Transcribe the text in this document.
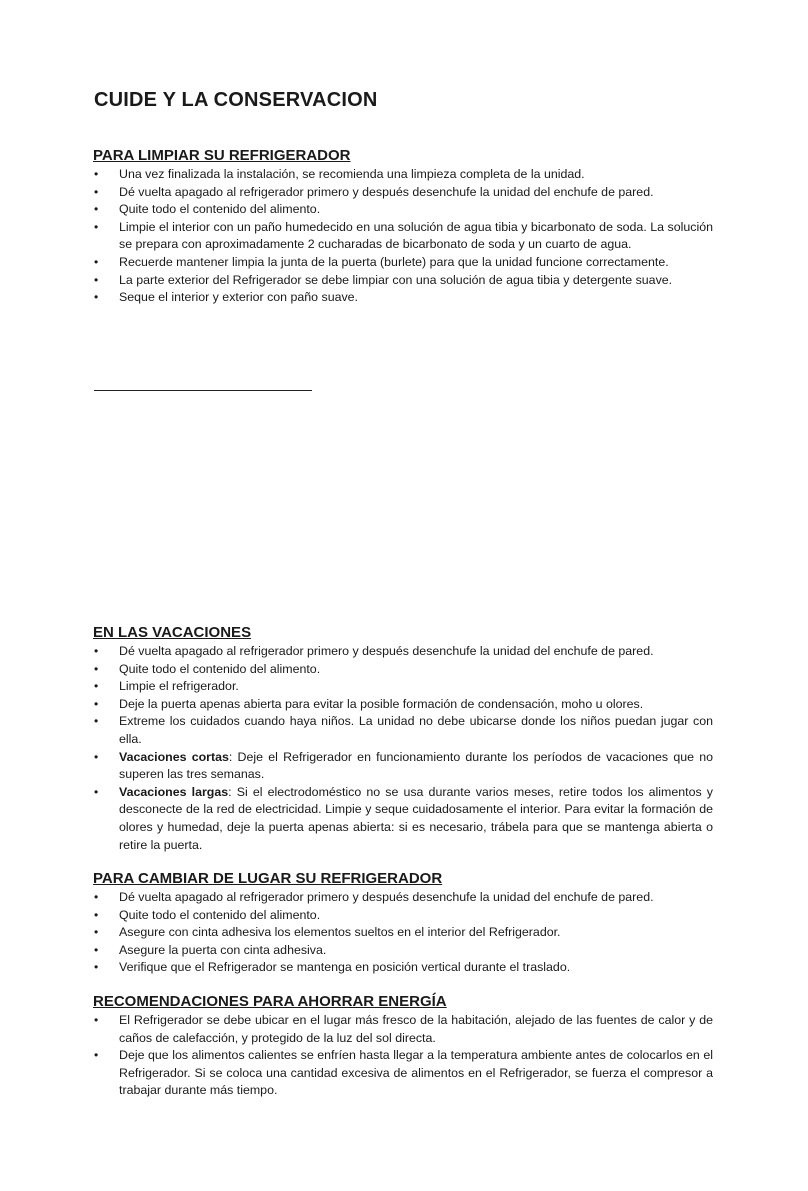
CUIDE Y LA CONSERVACION
PARA LIMPIAR SU REFRIGERADOR
• Una vez finalizada la instalación, se recomienda una limpieza completa de la unidad.
• Dé vuelta apagado al refrigerador primero y después desenchufe la unidad del enchufe de pared.
• Quite todo el contenido del alimento.
• Limpie el interior con un paño humedecido en una solución de agua tibia y bicarbonato de soda. La solución se prepara con aproximadamente 2 cucharadas de bicarbonato de soda y un cuarto de agua.
• Recuerde mantener limpia la junta de la puerta (burlete) para que la unidad funcione correctamente.
• La parte exterior del Refrigerador se debe limpiar con una solución de agua tibia y detergente suave.
• Seque el interior y exterior con paño suave.
EN LAS VACACIONES
• Dé vuelta apagado al refrigerador primero y después desenchufe la unidad del enchufe de pared.
• Quite todo el contenido del alimento.
• Limpie el refrigerador.
• Deje la puerta apenas abierta para evitar la posible formación de condensación, moho u olores.
• Extreme los cuidados cuando haya niños. La unidad no debe ubicarse donde los niños puedan jugar con ella.
• Vacaciones cortas: Deje el Refrigerador en funcionamiento durante los períodos de vacaciones que no superen las tres semanas.
• Vacaciones largas: Si el electrodoméstico no se usa durante varios meses, retire todos los alimentos y desconecte de la red de electricidad. Limpie y seque cuidadosamente el interior. Para evitar la formación de olores y humedad, deje la puerta apenas abierta: si es necesario, trábela para que se mantenga abierta o retire la puerta.
PARA CAMBIAR DE LUGAR SU REFRIGERADOR
• Dé vuelta apagado al refrigerador primero y después desenchufe la unidad del enchufe de pared.
• Quite todo el contenido del alimento.
• Asegure con cinta adhesiva los elementos sueltos en el interior del Refrigerador.
• Asegure la puerta con cinta adhesiva.
• Verifique que el Refrigerador se mantenga en posición vertical durante el traslado.
RECOMENDACIONES PARA AHORRAR ENERGÍA
• El Refrigerador se debe ubicar en el lugar más fresco de la habitación, alejado de las fuentes de calor y de caños de calefacción, y protegido de la luz del sol directa.
• Deje que los alimentos calientes se enfríen hasta llegar a la temperatura ambiente antes de colocarlos en el Refrigerador. Si se coloca una cantidad excesiva de alimentos en el Refrigerador, se fuerza el compresor a trabajar durante más tiempo.
